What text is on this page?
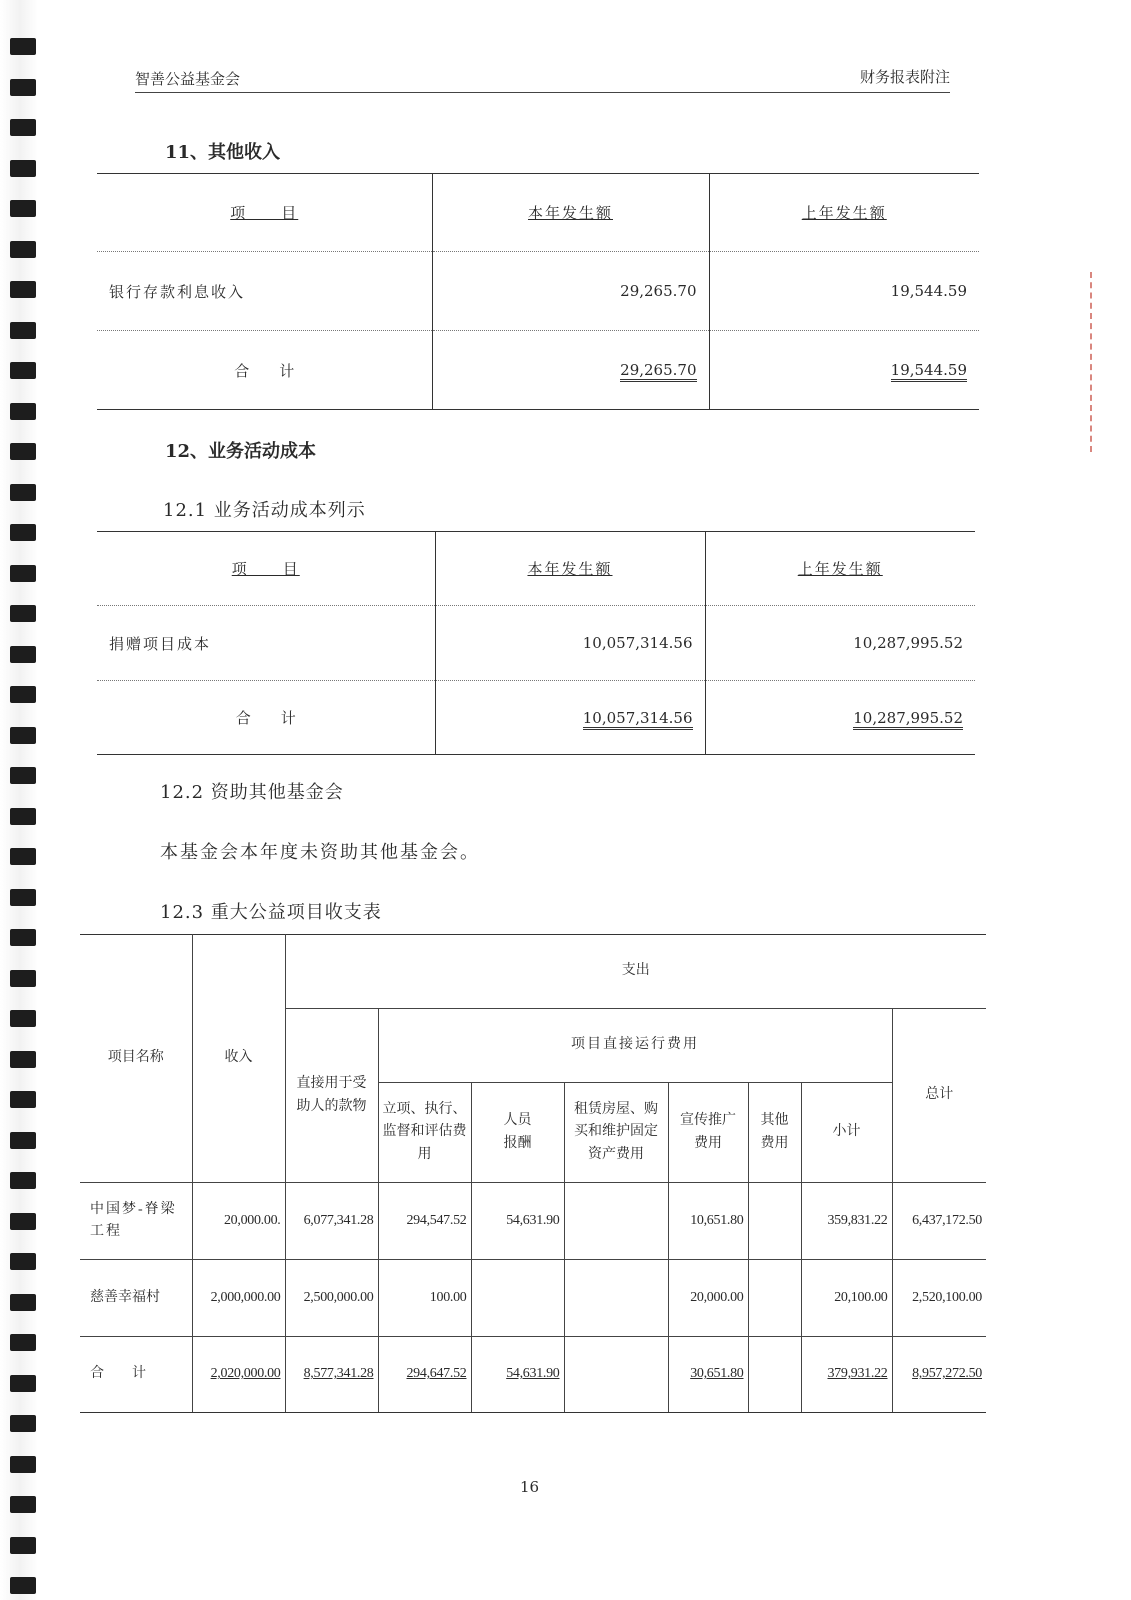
智善公益基金会	财务报表附注
11、其他收入
项　　目	本年发生额	上年发生额
银行存款利息收入	29,265.70	19,544.59
合　　计	29,265.70	19,544.59
12、业务活动成本
12.1 业务活动成本列示
项　　目	本年发生额	上年发生额
捐赠项目成本	10,057,314.56	10,287,995.52
合　　计	10,057,314.56	10,287,995.52
12.2 资助其他基金会
本基金会本年度未资助其他基金会。
12.3 重大公益项目收支表
项目名称	收入	支出							
		直接用于受助人的款物	项目直接运行费用						总计
			立项、执行、监督和评估费用	人员报酬	租赁房屋、购买和维护固定资产费用	宣传推广费用	其他费用	小计	
中国梦-脊梁工程	20,000.00.	6,077,341.28	294,547.52	54,631.90		10,651.80		359,831.22	6,437,172.50
慈善幸福村	2,000,000.00	2,500,000.00	100.00			20,000.00		20,100.00	2,520,100.00
合　　计	2,020,000.00	8,577,341.28	294,647.52	54,631.90		30,651.80		379,931.22	8,957,272.50
16
